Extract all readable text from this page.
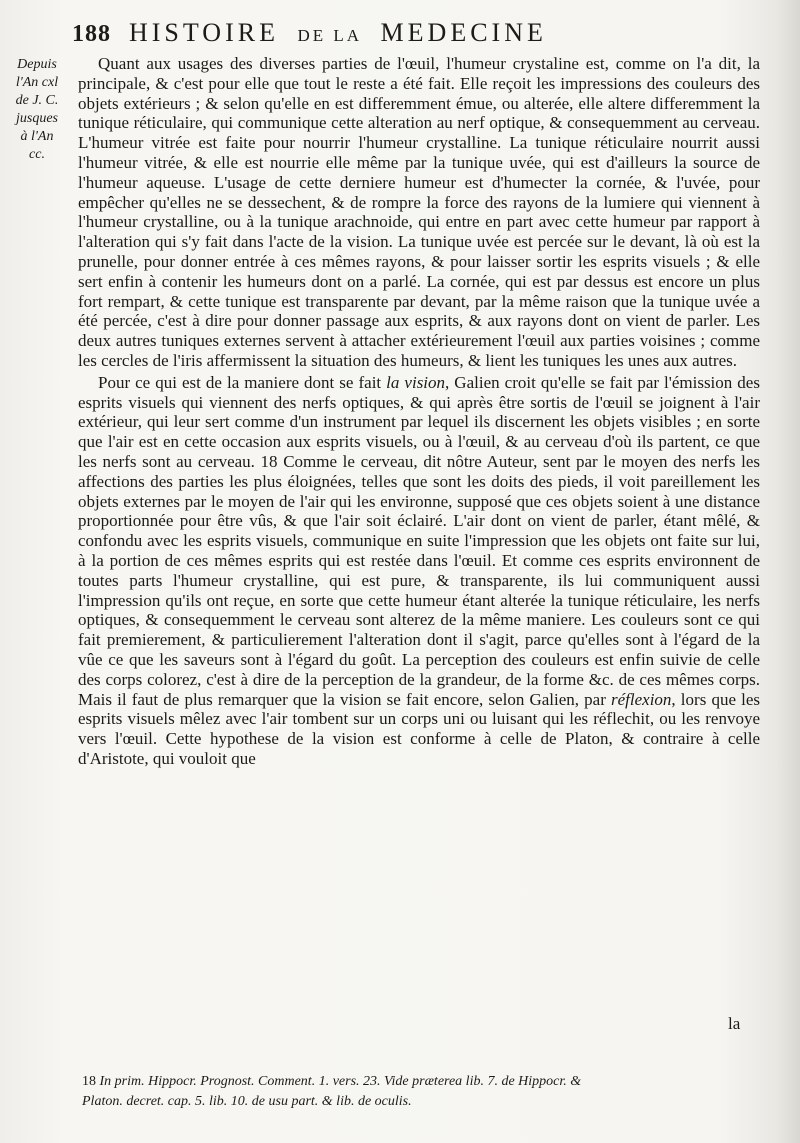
188 HISTOIRE DE LA MEDECINE
Depuis
l'An cxl
de J. C.
jusques
à l'An
cc.

Quant aux usages des diverses parties de l'œuil, l'humeur crystaline est, comme on l'a dit, la principale, & c'est pour elle que tout le reste a été fait. Elle reçoit les impressions des couleurs des objets extérieurs ; & selon qu'elle en est differemment émue, ou alterée, elle altere differemment la tunique réticulaire, qui communique cette alteration au nerf optique, & consequemment au cerveau. L'humeur vitrée est faite pour nourrir l'humeur crystalline. La tunique réticulaire nourrit aussi l'humeur vitrée, & elle est nourrie elle même par la tunique uvée, qui est d'ailleurs la source de l'humeur aqueuse. L'usage de cette derniere humeur est d'humecter la cornée, & l'uvée, pour empêcher qu'elles ne se dessechent, & de rompre la force des rayons de la lumiere qui viennent à l'humeur crystalline, ou à la tunique arachnoide, qui entre en part avec cette humeur par rapport à l'alteration qui s'y fait dans l'acte de la vision. La tunique uvée est percée sur le devant, là où est la prunelle, pour donner entrée à ces mêmes rayons, & pour laisser sortir les esprits visuels ; & elle sert enfin à contenir les humeurs dont on a parlé. La cornée, qui est par dessus est encore un plus fort rempart, & cette tunique est transparente par devant, par la même raison que la tunique uvée a été percée, c'est à dire pour donner passage aux esprits, & aux rayons dont on vient de parler. Les deux autres tuniques externes servent à attacher extérieurement l'œuil aux parties voisines ; comme les cercles de l'iris affermissent la situation des humeurs, & lient les tuniques les unes aux autres.

Pour ce qui est de la maniere dont se fait la vision, Galien croit qu'elle se fait par l'émission des esprits visuels qui viennent des nerfs optiques, & qui après être sortis de l'œuil se joignent à l'air extérieur, qui leur sert comme d'un instrument par lequel ils discernent les objets visibles ; en sorte que l'air est en cette occasion aux esprits visuels, ou à l'œuil, & au cerveau d'où ils partent, ce que les nerfs sont au cerveau. 18 Comme le cerveau, dit nôtre Auteur, sent par le moyen des nerfs les affections des parties les plus éloignées, telles que sont les doits des pieds, il voit pareillement les objets externes par le moyen de l'air qui les environne, supposé que ces objets soient à une distance proportionnée pour être vûs, & que l'air soit éclairé. L'air dont on vient de parler, étant mêlé, & confondu avec les esprits visuels, communique en suite l'impression que les objets ont faite sur lui, à la portion de ces mêmes esprits qui est restée dans l'œuil. Et comme ces esprits environnent de toutes parts l'humeur crystalline, qui est pure, & transparente, ils lui communiquent aussi l'impression qu'ils ont reçue, en sorte que cette humeur étant alterée la tunique réticulaire, les nerfs optiques, & consequemment le cerveau sont alterez de la même maniere. Les couleurs sont ce qui fait premierement, & particulierement l'alteration dont il s'agit, parce qu'elles sont à l'égard de la vûe ce que les saveurs sont à l'égard du goût. La perception des couleurs est enfin suivie de celle des corps colorez, c'est à dire de la perception de la grandeur, de la forme &c. de ces mêmes corps. Mais il faut de plus remarquer que la vision se fait encore, selon Galien, par réflexion, lors que les esprits visuels mêlez avec l'air tombent sur un corps uni ou luisant qui les réflechit, ou les renvoye vers l'œuil. Cette hypothese de la vision est conforme à celle de Platon, & contraire à celle d'Aristote, qui vouloit que

la
18 In prim. Hippocr. Prognost. Comment. 1. vers. 23. Vide præterea lib. 7. de Hippocr. &
Platon. decret. cap. 5. lib. 10. de usu part. & lib. de oculis.
